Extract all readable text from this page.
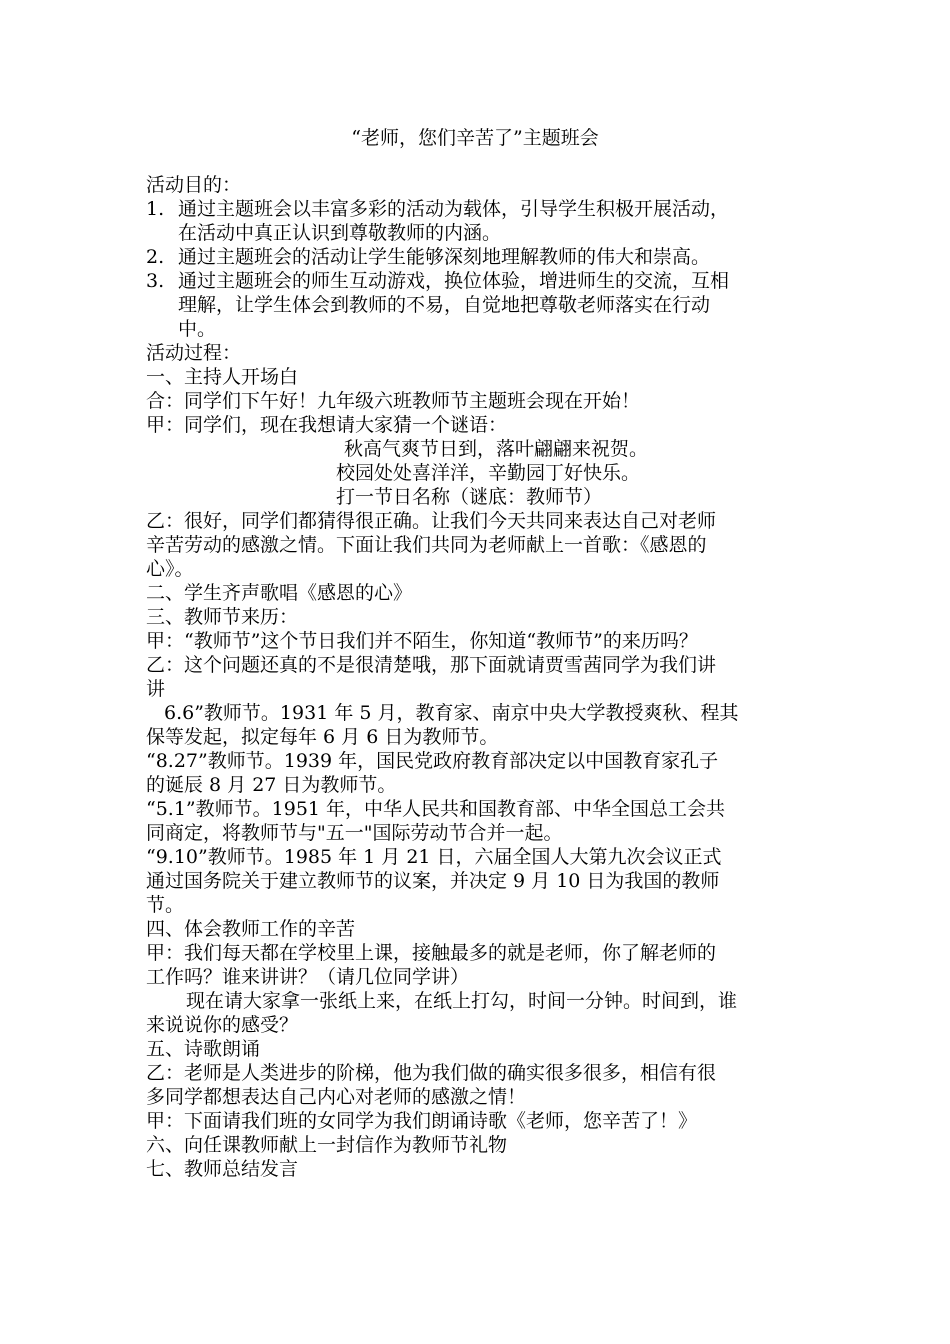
“老师，您们辛苦了”主题班会
活动目的：
1. 通过主题班会以丰富多彩的活动为载体，引导学生积极开展活动，
在活动中真正认识到尊敬教师的内涵。
2. 通过主题班会的活动让学生能够深刻地理解教师的伟大和崇高。
3. 通过主题班会的师生互动游戏，换位体验，增进师生的交流，互相
理解，让学生体会到教师的不易，自觉地把尊敬老师落实在行动
中。
活动过程：
一、主持人开场白
合：同学们下午好！九年级六班教师节主题班会现在开始！
甲：同学们，现在我想请大家猜一个谜语：
秋高气爽节日到，落叶翩翩来祝贺。
校园处处喜洋洋，辛勤园丁好快乐。
打一节日名称（谜底：教师节）
乙：很好，同学们都猜得很正确。让我们今天共同来表达自己对老师
辛苦劳动的感激之情。下面让我们共同为老师献上一首歌：《感恩的
心》。
二、学生齐声歌唱《感恩的心》
三、教师节来历：
甲：“教师节”这个节日我们并不陌生，你知道“教师节”的来历吗？
乙：这个问题还真的不是很清楚哦，那下面就请贾雪茜同学为我们讲
讲
6.6”教师节。1931 年 5 月，教育家、南京中央大学教授爽秋、程其
保等发起，拟定每年 6 月 6 日为教师节。
“8.27”教师节。1939 年，国民党政府教育部决定以中国教育家孔子
的诞辰 8 月 27 日为教师节。
“5.1”教师节。1951 年，中华人民共和国教育部、中华全国总工会共
同商定，将教师节与"五一"国际劳动节合并一起。
“9.10”教师节。1985 年 1 月 21 日，六届全国人大第九次会议正式
通过国务院关于建立教师节的议案，并决定 9 月 10 日为我国的教师
节。
四、体会教师工作的辛苦
甲：我们每天都在学校里上课，接触最多的就是老师，你了解老师的
工作吗？谁来讲讲？（请几位同学讲）
现在请大家拿一张纸上来，在纸上打勾，时间一分钟。时间到，谁
来说说你的感受？
五、诗歌朗诵
乙：老师是人类进步的阶梯，他为我们做的确实很多很多，相信有很
多同学都想表达自己内心对老师的感激之情！
甲：下面请我们班的女同学为我们朗诵诗歌《老师，您辛苦了！》
六、向任课教师献上一封信作为教师节礼物
七、教师总结发言
